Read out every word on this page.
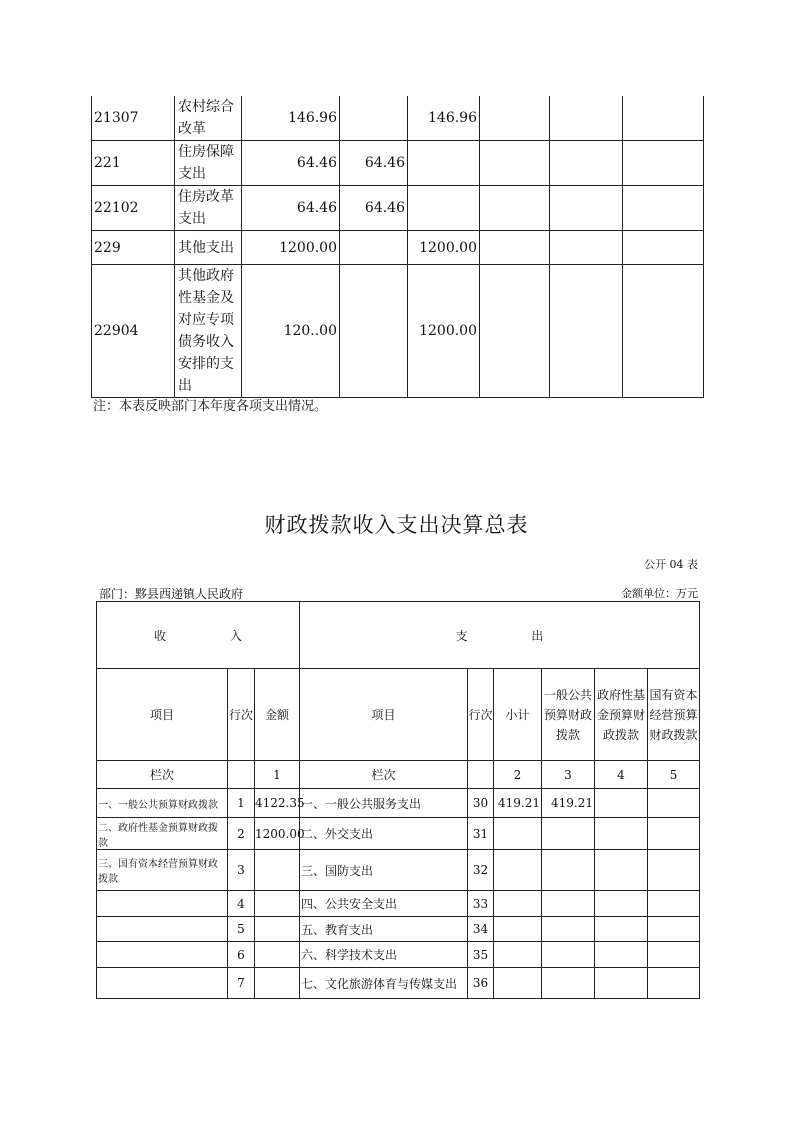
21307	农村综合改革	146.96		146.96			
221	住房保障支出	64.46	64.46				
22102	住房改革支出	64.46	64.46				
229	其他支出	1200.00		1200.00			
22904	其他政府性基金及对应专项债务收入安排的支出	120..00		1200.00			
注：本表反映部门本年度各项支出情况。
财政拨款收入支出决算总表
公开 04 表
部门：黟县西递镇人民政府	金额单位：万元
收 入			支 出					
项目	行次	金额	项目	行次	小计	一般公共预算财政拨款	政府性基金预算财政拨款	国有资本经营预算财政拨款
栏次		1	栏次		2	3	4	5
一、一般公共预算财政拨款	1	4122.35	一、一般公共服务支出	30	419.21	419.21		
二、政府性基金预算财政拨款	2	1200.00	二、外交支出	31				
三、国有资本经营预算财政拨款	3		三、国防支出	32				
	4		四、公共安全支出	33				
	5		五、教育支出	34				
	6		六、科学技术支出	35				
	7		七、文化旅游体育与传媒支出	36				
